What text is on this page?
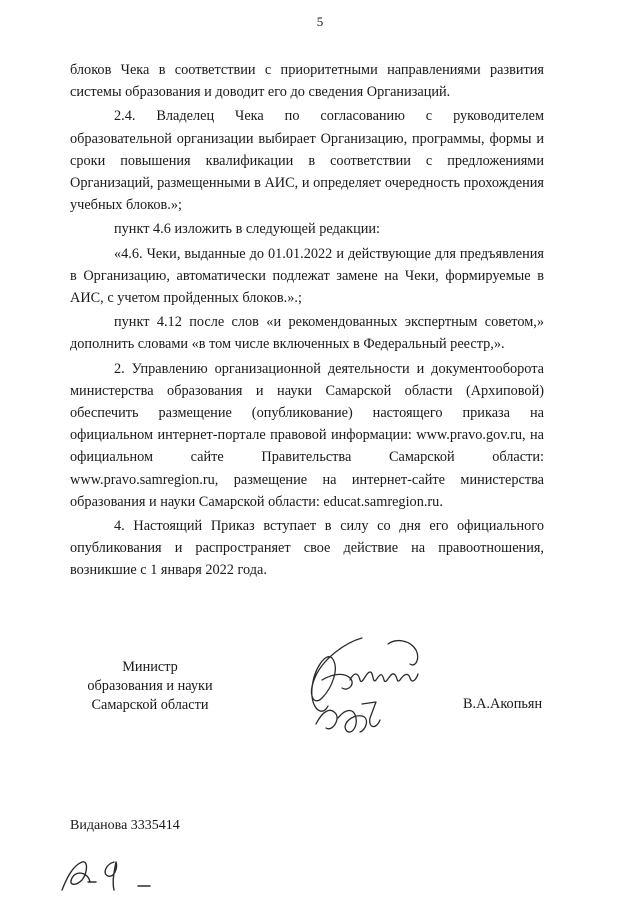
5

блоков Чека в соответствии с приоритетными направлениями развития системы образования и доводит его до сведения Организаций.

2.4. Владелец Чека по согласованию с руководителем образовательной организации выбирает Организацию, программы, формы и сроки повышения квалификации в соответствии с предложениями Организаций, размещенными в АИС, и определяет очередность прохождения учебных блоков.»;

пункт 4.6 изложить в следующей редакции:

«4.6. Чеки, выданные до 01.01.2022 и действующие для предъявления в Организацию, автоматически подлежат замене на Чеки, формируемые в АИС, с учетом пройденных блоков.».;

пункт 4.12 после слов «и рекомендованных экспертным советом,» дополнить словами «в том числе включенных в Федеральный реестр,».

2. Управлению организационной деятельности и документооборота министерства образования и науки Самарской области (Архиповой) обеспечить размещение (опубликование) настоящего приказа на официальном интернет-портале правовой информации: www.pravo.gov.ru, на официальном сайте Правительства Самарской области: www.pravo.samregion.ru, размещение на интернет-сайте министерства образования и науки Самарской области: educat.samregion.ru.

4. Настоящий Приказ вступает в силу со дня его официального опубликования и распространяет свое действие на правоотношения, возникшие с 1 января 2022 года.

Министр
образования и науки
Самарской области	В.А.Акопьян
Виданова 3335414
